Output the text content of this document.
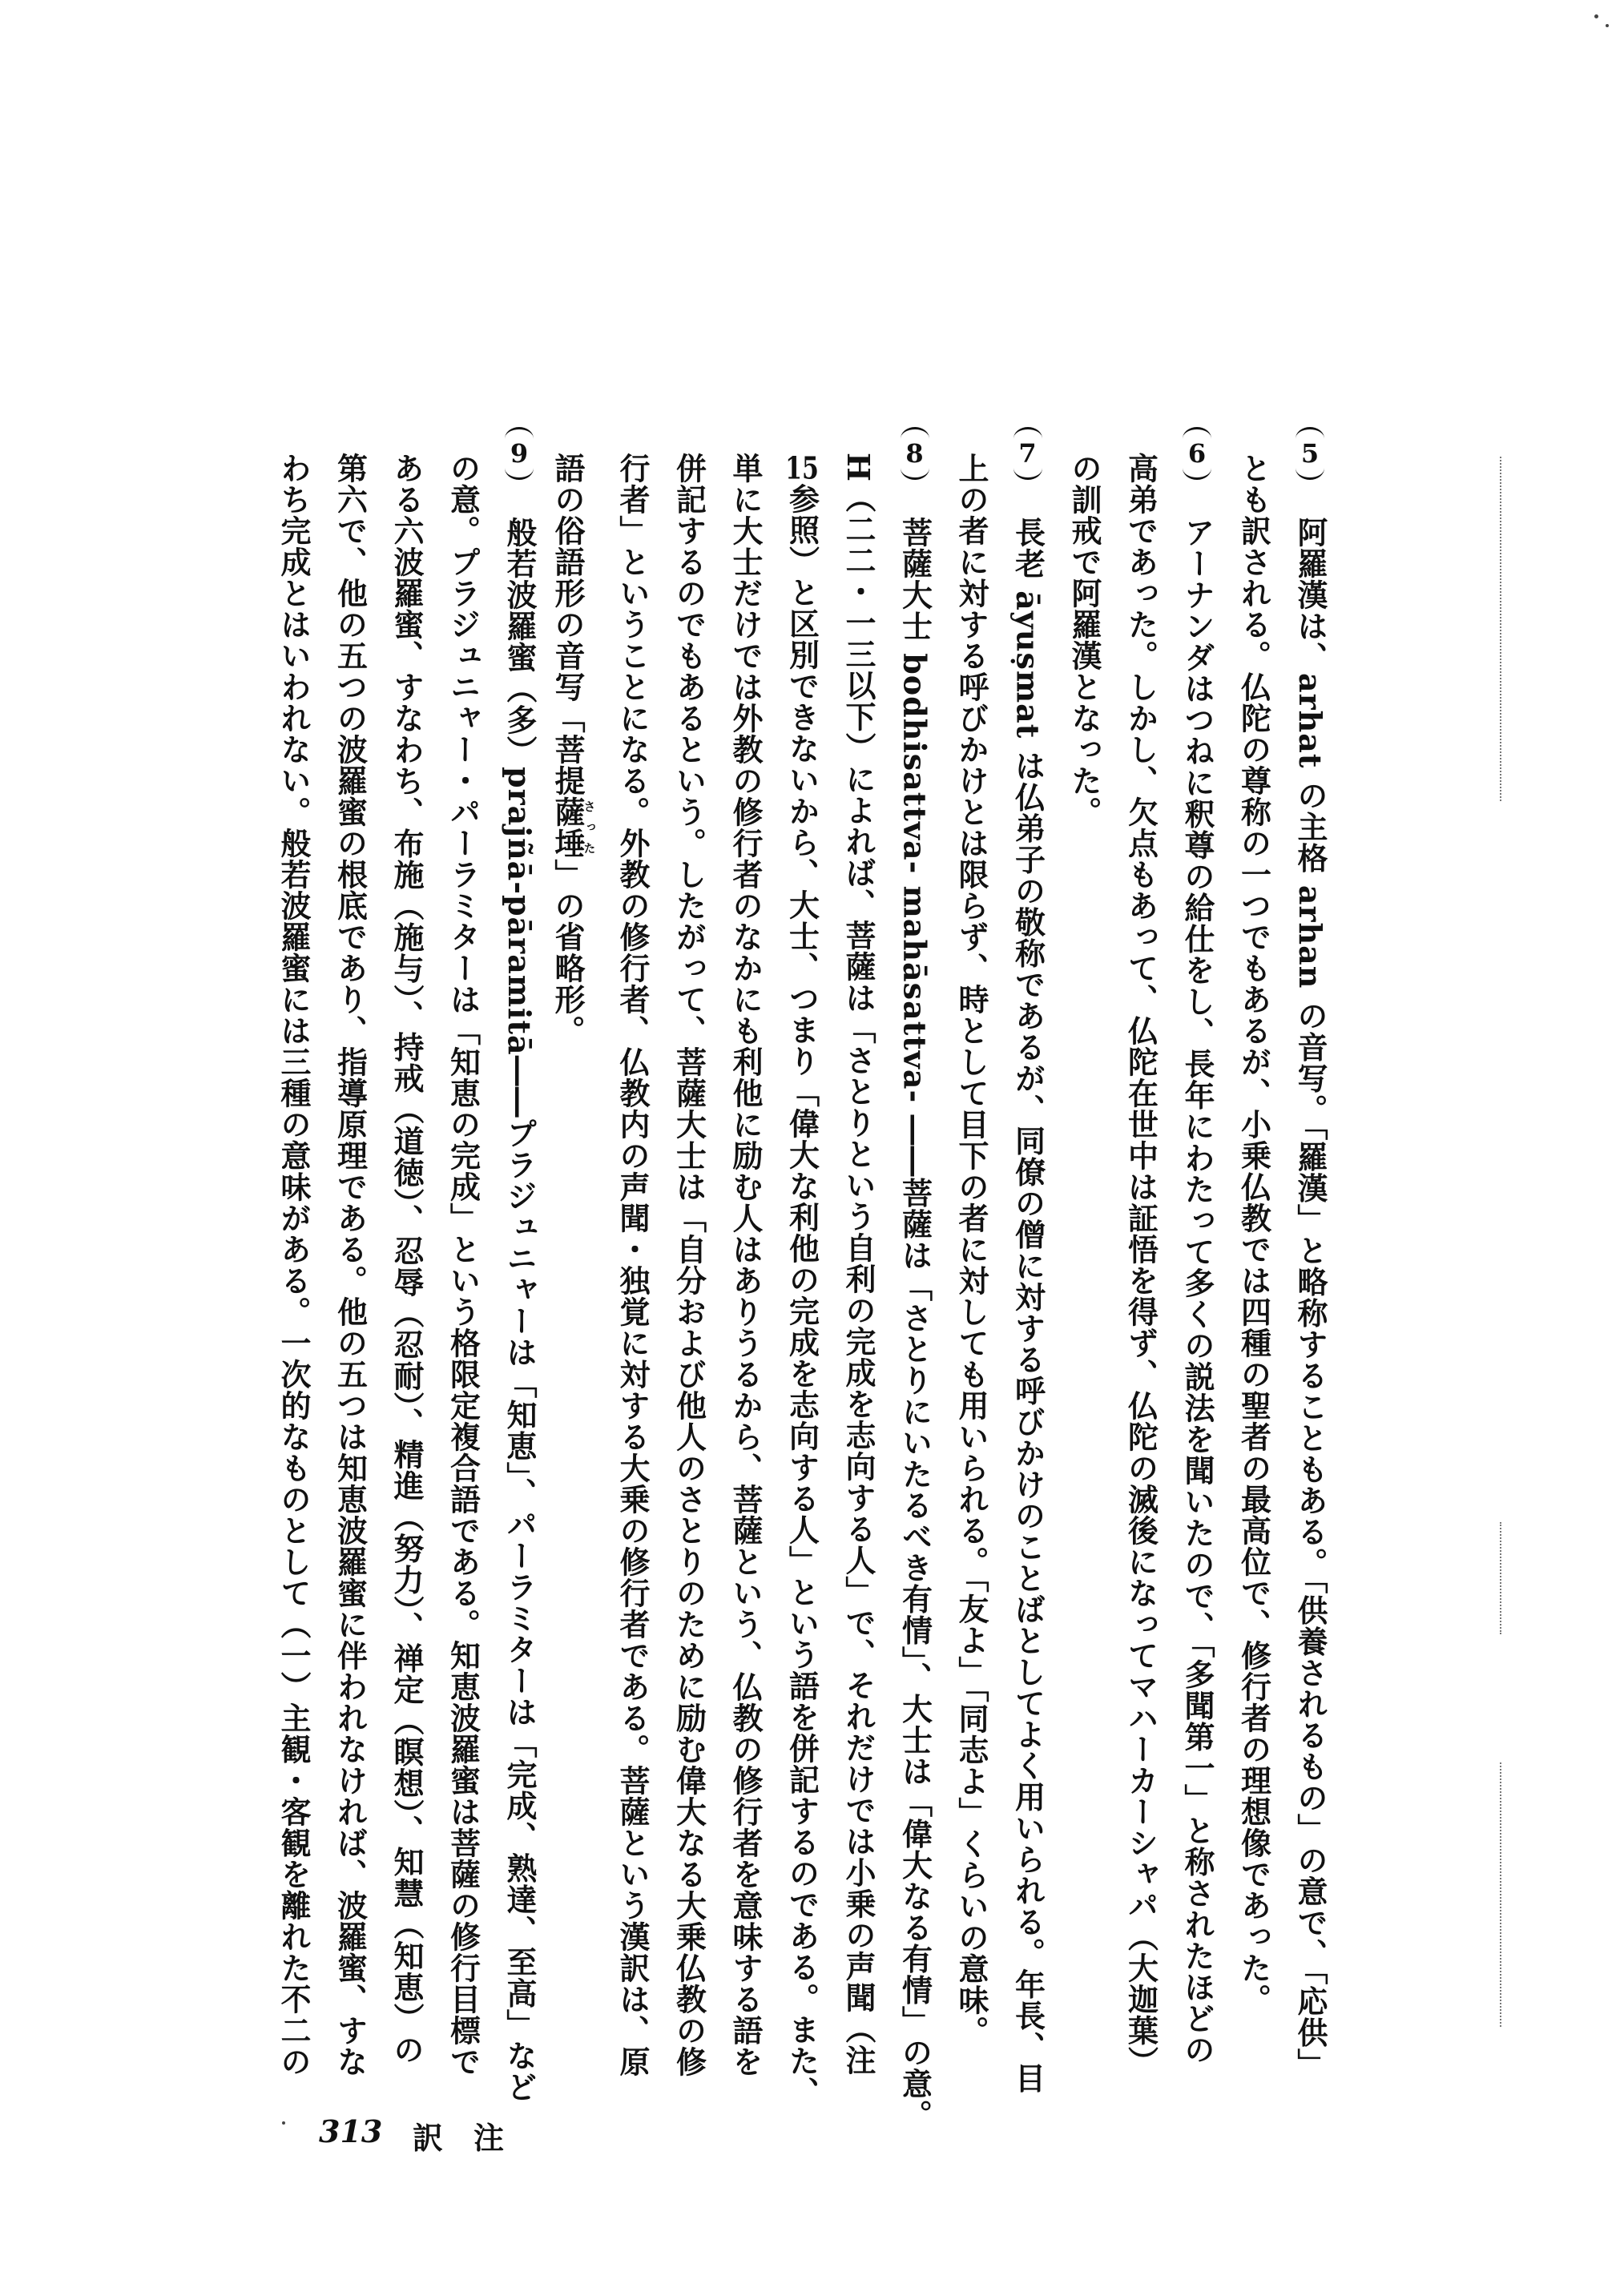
5
阿羅漢は、arhat の主格 arhan の音写。「羅漢」と略称することもある。「供養されるもの」の意で、「応供」
とも訳される。仏陀の尊称の一つでもあるが、小乗仏教では四種の聖者の最高位で、修行者の理想像であった。
6
アーナンダはつねに釈尊の給仕をし、長年にわたって多くの説法を聞いたので、「多聞第一」と称されたほどの
高弟であった。しかし、欠点もあって、仏陀在世中は証悟を得ず、仏陀の滅後になってマハーカーシャパ（大迦葉）
の訓戒で阿羅漢となった。
7
長老 āyuṣmat は仏弟子の敬称であるが、同僚の僧に対する呼びかけのことばとしてよく用いられる。年長、目
上の者に対する呼びかけとは限らず、時として目下の者に対しても用いられる。「友よ」「同志よ」くらいの意味。
8
菩薩大士 bodhisattva- mahāsattva- ――菩薩は「さとりにいたるべき有情」、大士は「偉大なる有情」の意。
H（二二・一三以下）によれば、菩薩は「さとりという自利の完成を志向する人」で、それだけでは小乗の声聞（注
15参照）と区別できないから、大士、つまり「偉大な利他の完成を志向する人」という語を併記するのである。また、
単に大士だけでは外教の修行者のなかにも利他に励む人はありうるから、菩薩という、仏教の修行者を意味する語を
併記するのでもあるという。したがって、菩薩大士は「自分および他人のさとりのために励む偉大なる大乗仏教の修
行者」ということになる。外教の修行者、仏教内の声聞・独覚に対する大乗の修行者である。菩薩という漢訳は、原
語の俗語形の音写「菩提薩埵さった」の省略形。
9
般若波羅蜜（多）prajñā-pāramitā――プラジュニャーは「知恵」、パーラミターは「完成、熟達、至高」など
の意。プラジュニャー・パーラミターは「知恵の完成」という格限定複合語である。知恵波羅蜜は菩薩の修行目標で
ある六波羅蜜、すなわち、布施（施与）、持戒（道徳）、忍辱（忍耐）、精進（努力）、禅定（瞑想）、知慧（知恵）の
第六で、他の五つの波羅蜜の根底であり、指導原理である。他の五つは知恵波羅蜜に伴われなければ、波羅蜜、すな
わち完成とはいわれない。般若波羅蜜には三種の意味がある。一次的なものとして（一）主観・客観を離れた不二の
313 訳注
